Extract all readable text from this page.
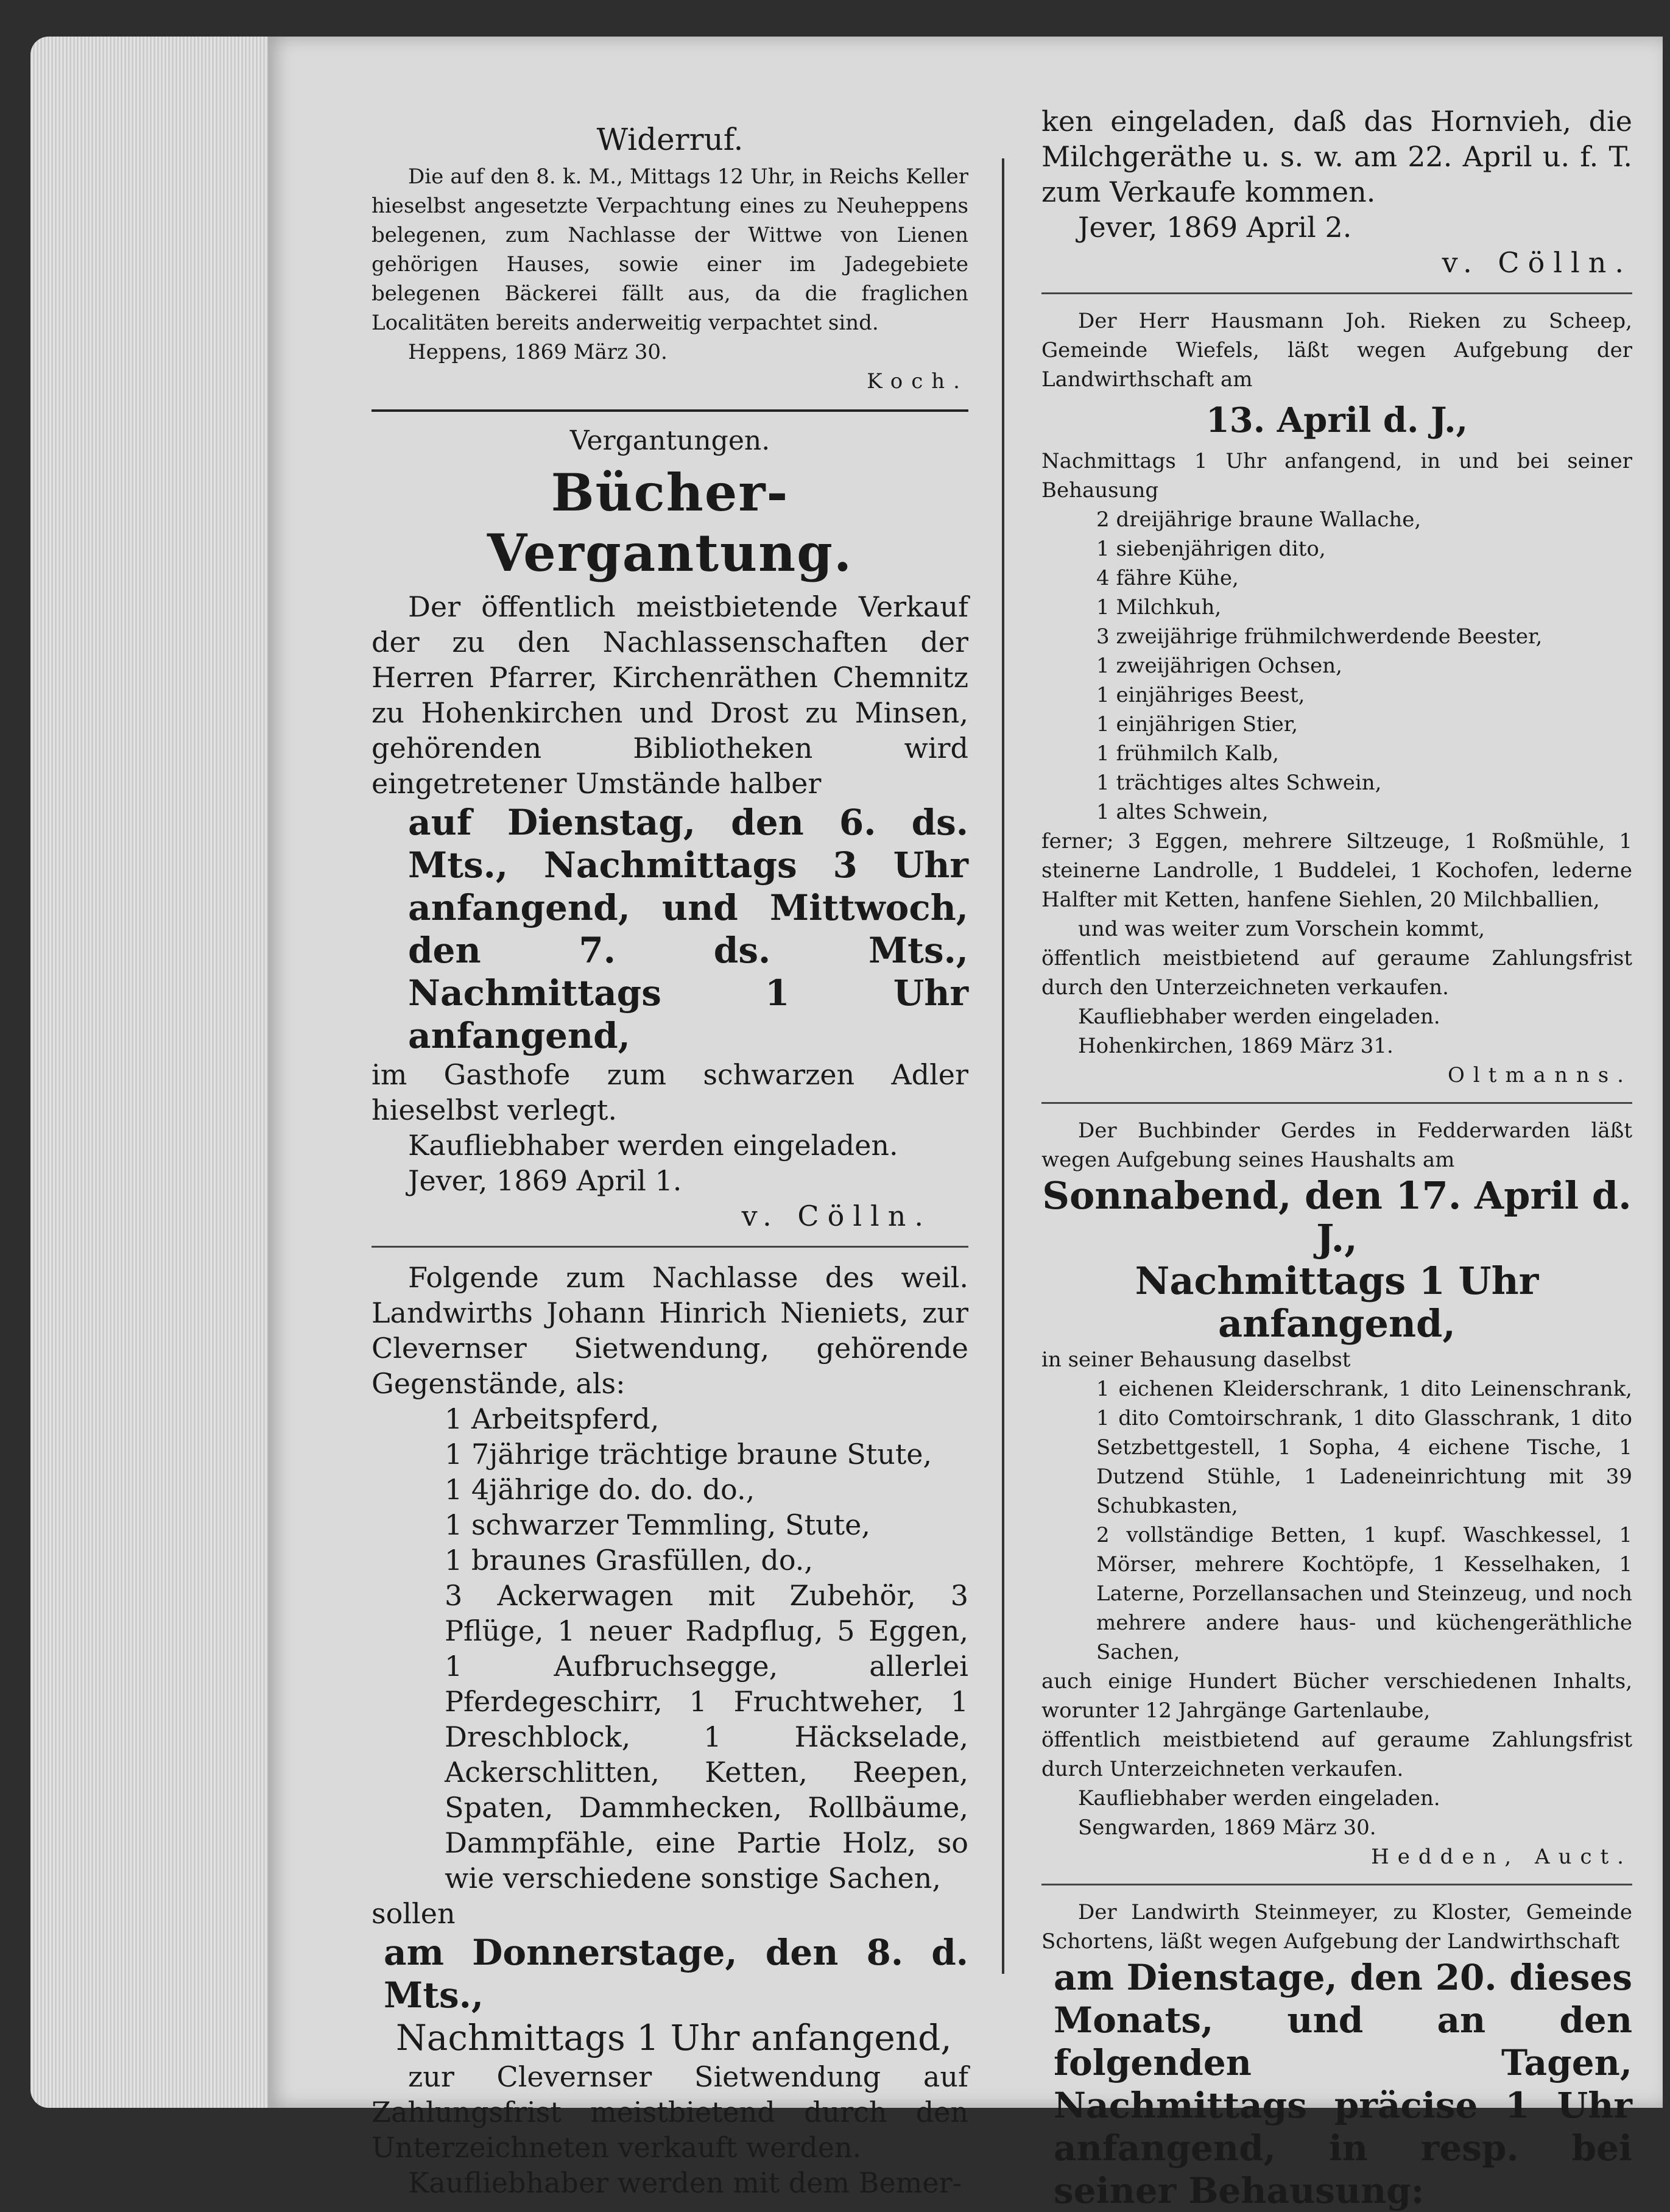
Widerruf.

Die auf den 8. k. M., Mittags 12 Uhr, in Reichs Keller hieselbst angesetzte Verpachtung eines zu Neuheppens belegenen, zum Nachlasse der Wittwe von Lienen gehörigen Hauses, sowie einer im Jadegebiete belegenen Bäckerei fällt aus, da die fraglichen Localitäten bereits anderweitig verpachtet sind.

Heppens, 1869 März 30.

Koch.

Vergantungen.
Bücher-Vergantung.

Der öffentlich meistbietende Verkauf der zu den Nachlassenschaften der Herren Pfarrer, Kirchenräthen Chemnitz zu Hohenkirchen und Drost zu Minsen, gehörenden Bibliotheken wird eingetretener Umstände halber

auf Dienstag, den 6. ds. Mts., Nachmittags 3 Uhr anfangend, und Mittwoch, den 7. ds. Mts., Nachmittags 1 Uhr anfangend,

im Gasthofe zum schwarzen Adler hieselbst verlegt.

Kaufliebhaber werden eingeladen.

Jever, 1869 April 1.

v. Cölln.

Folgende zum Nachlasse des weil. Landwirths Johann Hinrich Nieniets, zur Clevernser Sietwendung, gehörende Gegenstände, als:

1 Arbeitspferd,

1 7jährige trächtige braune Stute,

1 4jährige do. do. do.,

1 schwarzer Temmling, Stute,

1 braunes Grasfüllen, do.,

3 Ackerwagen mit Zubehör, 3 Pflüge, 1 neuer Radpflug, 5 Eggen, 1 Aufbruchsegge, allerlei Pferdegeschirr, 1 Fruchtweher, 1 Dreschblock, 1 Häckselade, Ackerschlitten, Ketten, Reepen, Spaten, Dammhecken, Rollbäume, Dammpfähle, eine Partie Holz, so wie verschiedene sonstige Sachen,

sollen

am Donnerstage, den 8. d. Mts.,

Nachmittags 1 Uhr anfangend,

zur Clevernser Sietwendung auf Zahlungsfrist meistbietend durch den Unterzeichneten verkauft werden.

Kaufliebhaber werden mit dem Bemer-

ken eingeladen, daß das Hornvieh, die Milchgeräthe u. s. w. am 22. April u. f. T. zum Verkaufe kommen.

Jever, 1869 April 2.

v. Cölln.

Der Herr Hausmann Joh. Rieken zu Scheep, Gemeinde Wiefels, läßt wegen Aufgebung der Landwirthschaft am

13. April d. J.,

Nachmittags 1 Uhr anfangend, in und bei seiner Behausung

2 dreijährige braune Wallache,

1 siebenjährigen dito,

4 fähre Kühe,

1 Milchkuh,

3 zweijährige frühmilchwerdende Beester,

1 zweijährigen Ochsen,

1 einjähriges Beest,

1 einjährigen Stier,

1 frühmilch Kalb,

1 trächtiges altes Schwein,

1 altes Schwein,

ferner; 3 Eggen, mehrere Siltzeuge, 1 Roßmühle, 1 steinerne Landrolle, 1 Buddelei, 1 Kochofen, lederne Halfter mit Ketten, hanfene Siehlen, 20 Milchballien,

und was weiter zum Vorschein kommt,

öffentlich meistbietend auf geraume Zahlungsfrist durch den Unterzeichneten verkaufen.

Kaufliebhaber werden eingeladen.

Hohenkirchen, 1869 März 31.

Oltmanns.

Der Buchbinder Gerdes in Fedderwarden läßt wegen Aufgebung seines Haushalts am

Sonnabend, den 17. April d. J.,
Nachmittags 1 Uhr anfangend,

in seiner Behausung daselbst

1 eichenen Kleiderschrank, 1 dito Leinenschrank, 1 dito Comtoirschrank, 1 dito Glasschrank, 1 dito Setzbettgestell, 1 Sopha, 4 eichene Tische, 1 Dutzend Stühle, 1 Ladeneinrichtung mit 39 Schubkasten,

2 vollständige Betten, 1 kupf. Waschkessel, 1 Mörser, mehrere Kochtöpfe, 1 Kesselhaken, 1 Laterne, Porzellansachen und Steinzeug, und noch mehrere andere haus- und küchengeräthliche Sachen,

auch einige Hundert Bücher verschiedenen Inhalts, worunter 12 Jahrgänge Gartenlaube,

öffentlich meistbietend auf geraume Zahlungsfrist durch Unterzeichneten verkaufen.

Kaufliebhaber werden eingeladen.

Sengwarden, 1869 März 30.

Hedden, Auct.

Der Landwirth Steinmeyer, zu Kloster, Gemeinde Schortens, läßt wegen Aufgebung der Landwirthschaft

am Dienstage, den 20. dieses Monats, und an den folgenden Tagen, Nachmittags präcise 1 Uhr anfangend, in resp. bei seiner Behausung:
